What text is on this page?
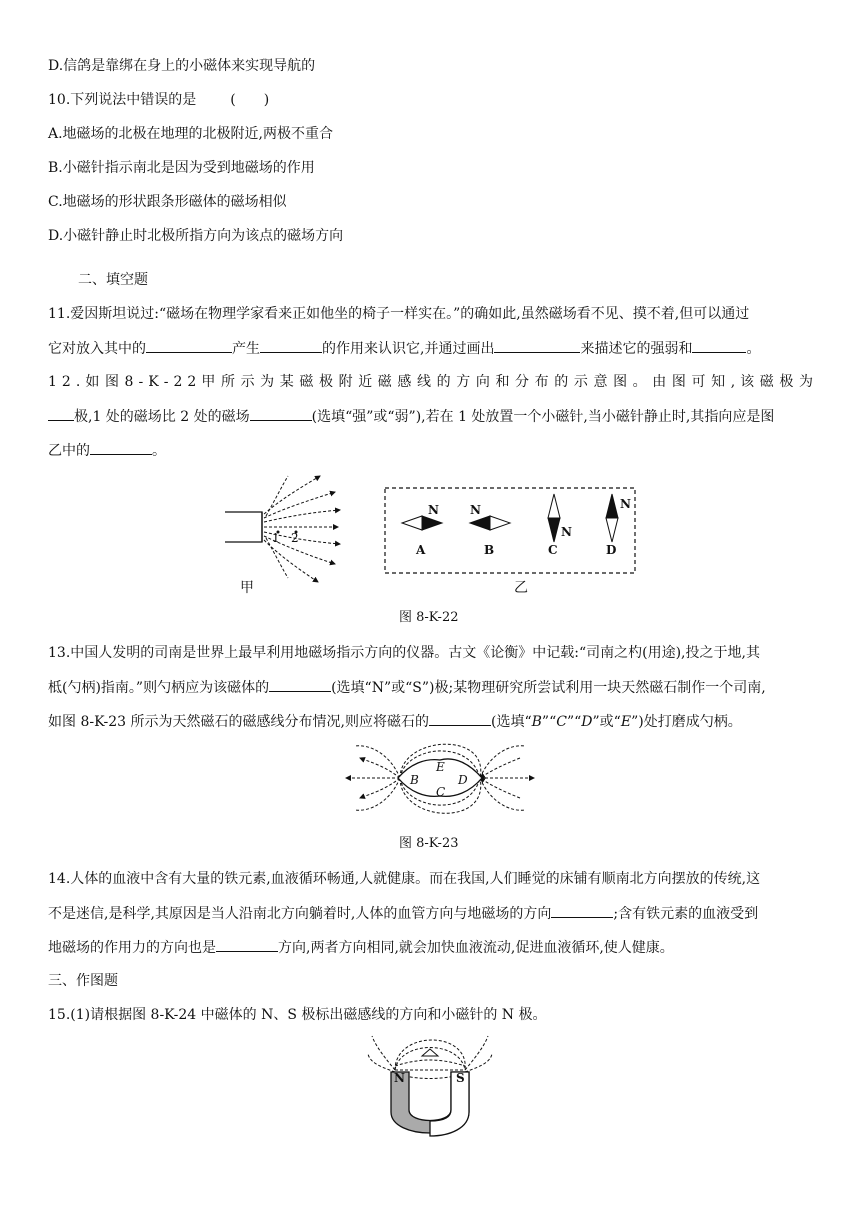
D.信鸽是靠绑在身上的小磁体来实现导航的
10.下列说法中错误的是 (　　)
A.地磁场的北极在地理的北极附近,两极不重合
B.小磁针指示南北是因为受到地磁场的作用
C.地磁场的形状跟条形磁体的磁场相似
D.小磁针静止时北极所指方向为该点的磁场方向
二、填空题
11.爱因斯坦说过:“磁场在物理学家看来正如他坐的椅子一样实在。”的确如此,虽然磁场看不见、摸不着,但可以通过
它对放入其中的	产生	的作用来认识它,并通过画出	来描述它的强弱和	。
1 2 . 如 图 8 - K - 2 2 甲 所 示 为 某 磁 极 附 近 磁 感 线 的 方 向 和 分 布 的 示 意 图 。 由 图 可 知 , 该 磁 极 为
极,1 处的磁场比 2 处的磁场	(选填“强”或“弱”),若在 1 处放置一个小磁针,当小磁针静止时,其指向应是图
乙中的	。
1 2
甲
N
A
N
B
N
C
N
D
乙
图 8-K-22
13.中国人发明的司南是世界上最早利用地磁场指示方向的仪器。古文《论衡》中记载:“司南之杓(用途),投之于地,其
柢(勺柄)指南。”则勺柄应为该磁体的	(选填“N”或“S”)极;某物理研究所尝试利用一块天然磁石制作一个司南,
如图 8-K-23 所示为天然磁石的磁感线分布情况,则应将磁石的	(选填“B”“C”“D”或“E”)处打磨成勺柄。
B
E
C
D
图 8-K-23
14.人体的血液中含有大量的铁元素,血液循环畅通,人就健康。而在我国,人们睡觉的床铺有顺南北方向摆放的传统,这
不是迷信,是科学,其原因是当人沿南北方向躺着时,人体的血管方向与地磁场的方向	;含有铁元素的血液受到
地磁场的作用力的方向也是	方向,两者方向相同,就会加快血液流动,促进血液循环,使人健康。
三、作图题
15.(1)请根据图 8-K-24 中磁体的 N、S 极标出磁感线的方向和小磁针的 N 极。
N	S
